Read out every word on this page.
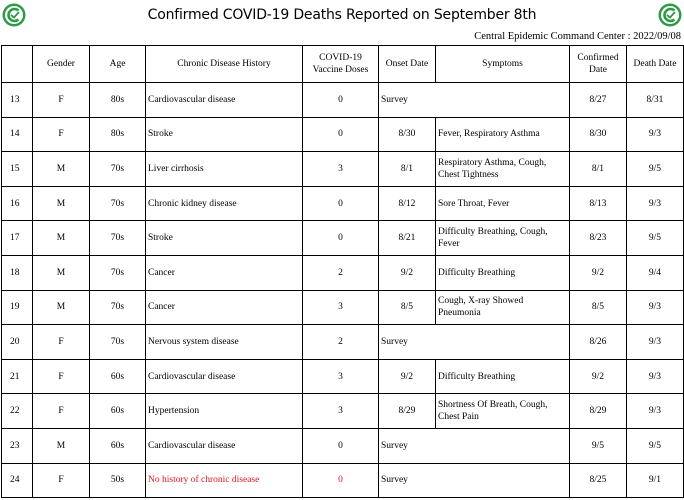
Confirmed COVID-19 Deaths Reported on September 8th
Central Epidemic Command Center : 2022/09/08
	Gender	Age	Chronic Disease History	COVID-19 Vaccine Doses	Onset Date	Symptoms	Confirmed Date	Death Date
13	F	80s	Cardiovascular disease	0	Survey		8/27	8/31
14	F	80s	Stroke	0	8/30	Fever, Respiratory Asthma	8/30	9/3
15	M	70s	Liver cirrhosis	3	8/1	Respiratory Asthma, Cough, Chest Tightness	8/1	9/5
16	M	70s	Chronic kidney disease	0	8/12	Sore Throat, Fever	8/13	9/3
17	M	70s	Stroke	0	8/21	Difficulty Breathing, Cough, Fever	8/23	9/5
18	M	70s	Cancer	2	9/2	Difficulty Breathing	9/2	9/4
19	M	70s	Cancer	3	8/5	Cough, X-ray Showed Pneumonia	8/5	9/3
20	F	70s	Nervous system disease	2	Survey		8/26	9/3
21	F	60s	Cardiovascular disease	3	9/2	Difficulty Breathing	9/2	9/3
22	F	60s	Hypertension	3	8/29	Shortness Of Breath, Cough, Chest Pain	8/29	9/3
23	M	60s	Cardiovascular disease	0	Survey		9/5	9/5
24	F	50s	No history of chronic disease	0	Survey		8/25	9/1
